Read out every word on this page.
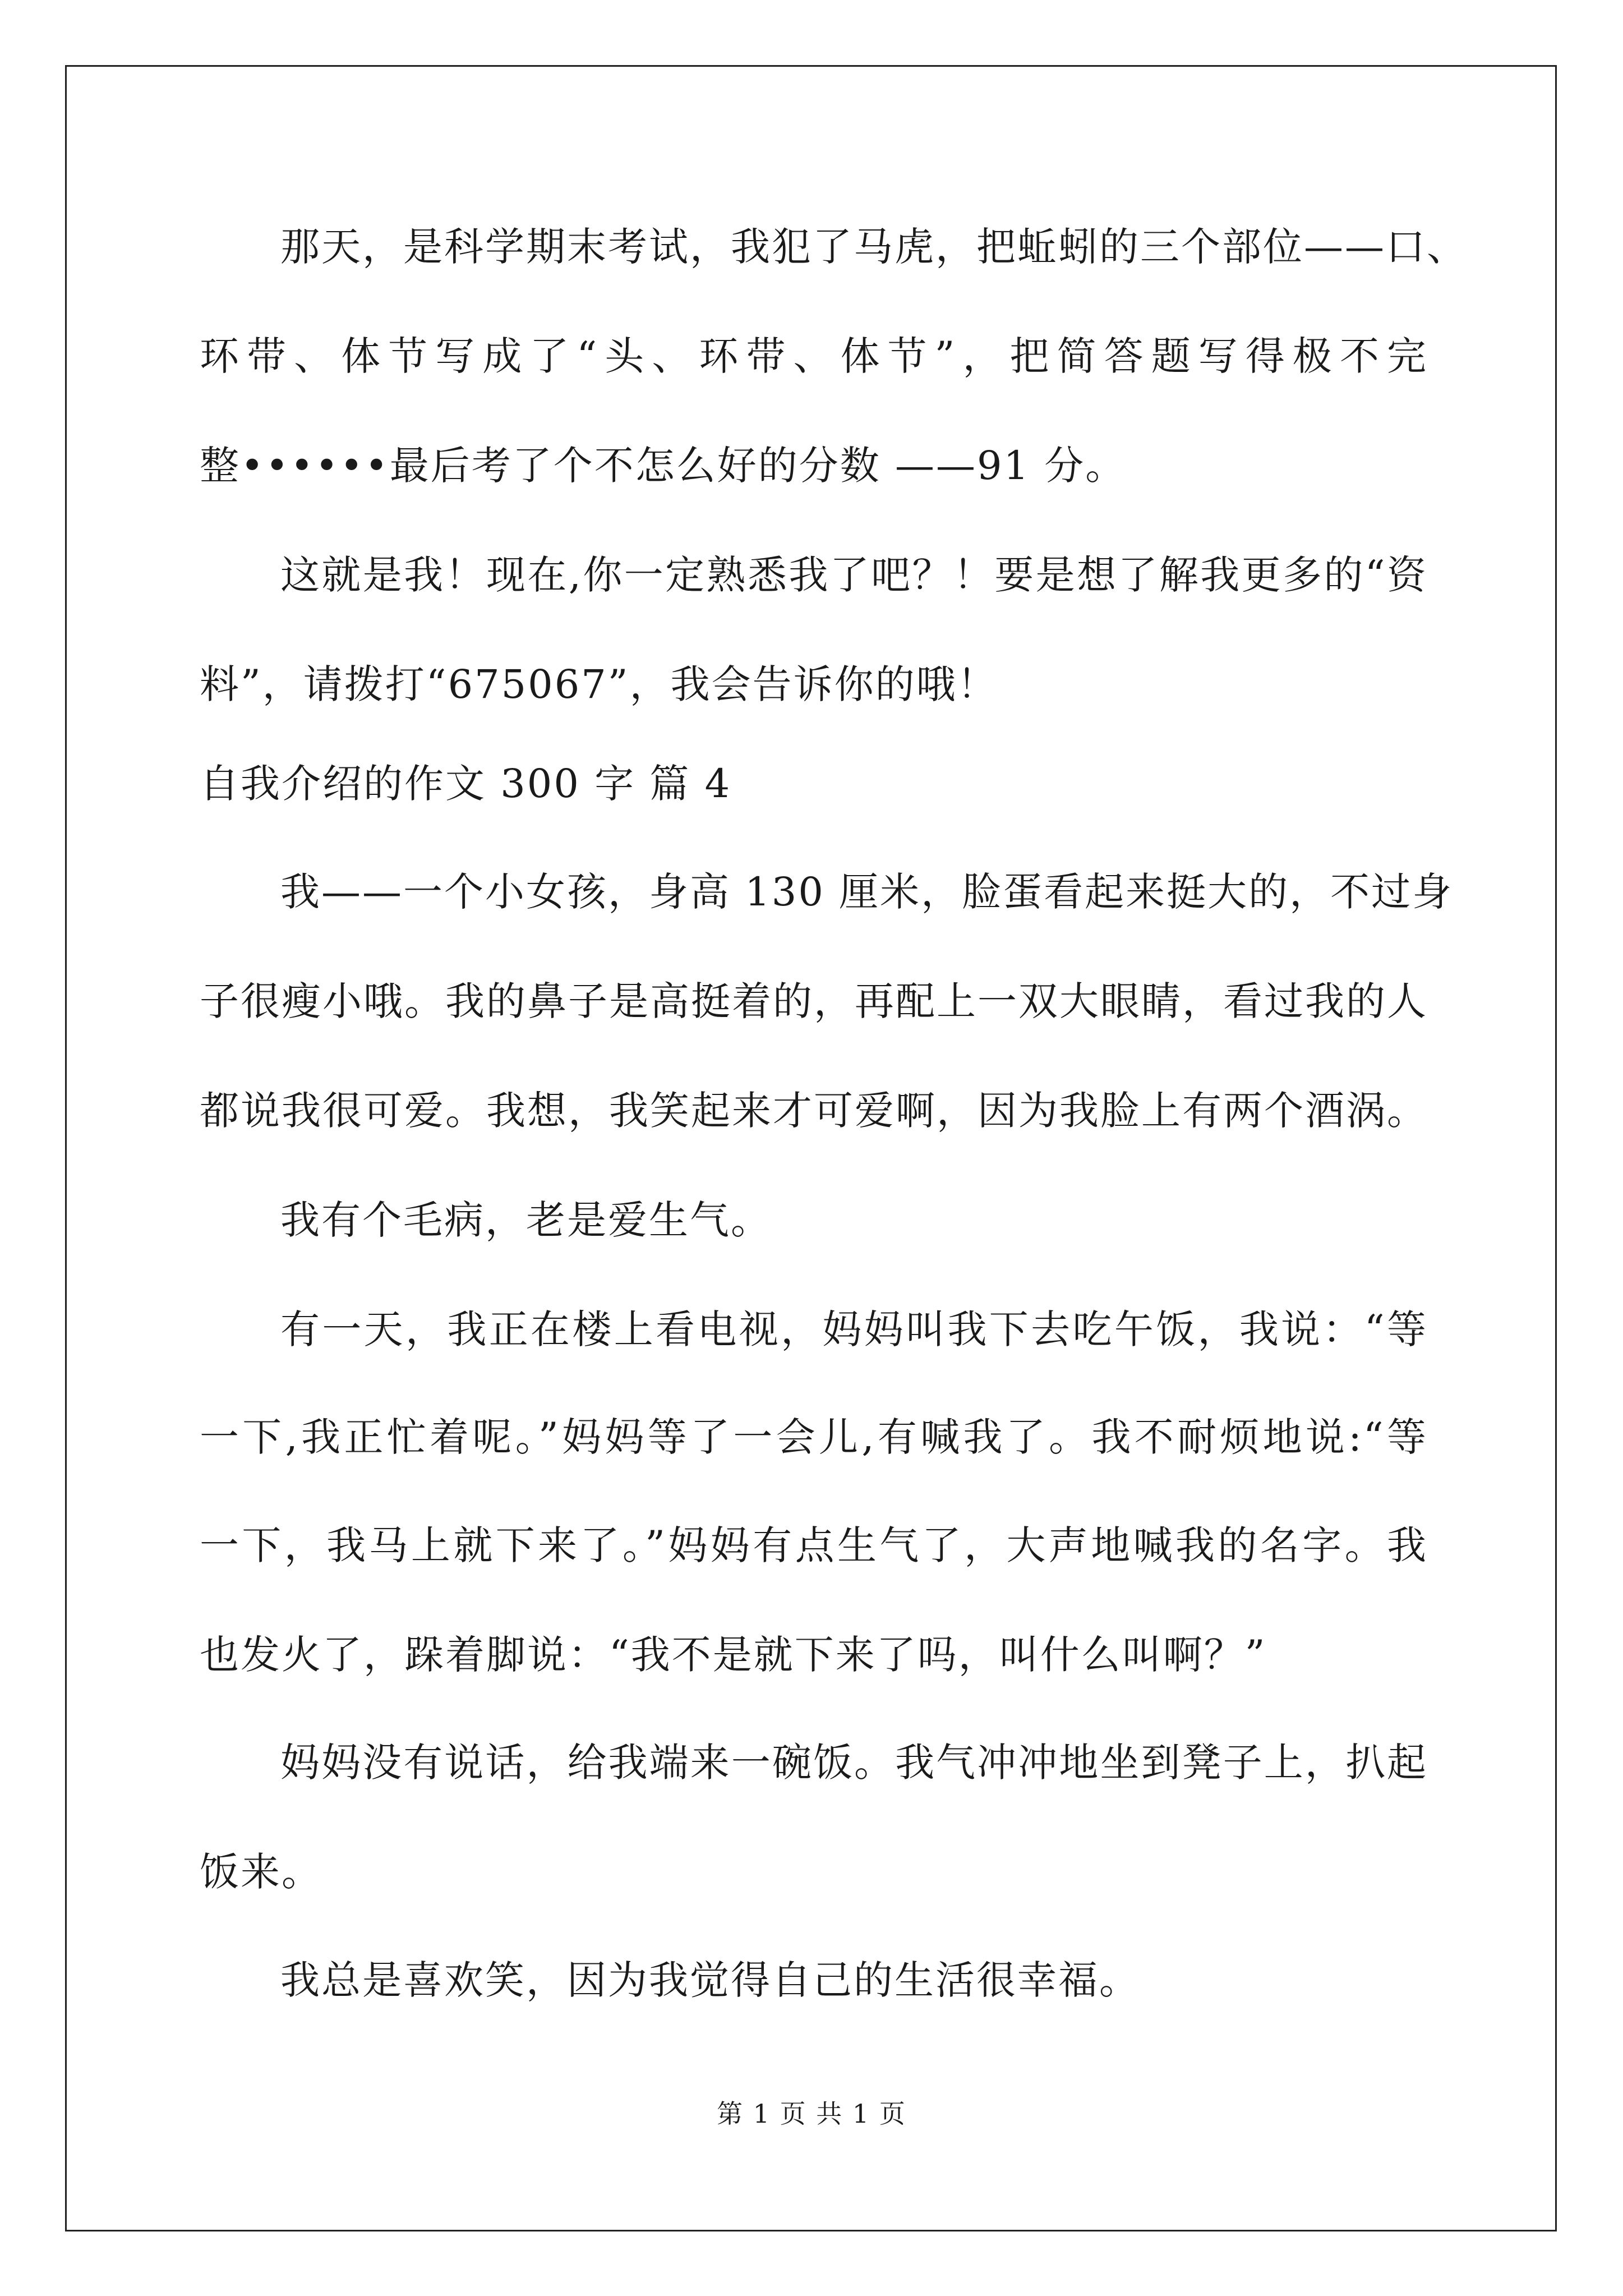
那天，是科学期末考试，我犯了马虎，把蚯蚓的三个部位——口、
环带、体节写成了“头、环带、体节”，把简答题写得极不完
整••••••最后考了个不怎么好的分数 ——91 分。
这就是我！现在,你一定熟悉我了吧？！要是想了解我更多的“资
料”，请拨打“675067”，我会告诉你的哦！
自我介绍的作文 300 字 篇 4
我——一个小女孩，身高 130 厘米，脸蛋看起来挺大的，不过身
子很瘦小哦。我的鼻子是高挺着的，再配上一双大眼睛，看过我的人
都说我很可爱。我想，我笑起来才可爱啊，因为我脸上有两个酒涡。
我有个毛病，老是爱生气。
有一天，我正在楼上看电视，妈妈叫我下去吃午饭，我说：“等
一下,我正忙着呢。”妈妈等了一会儿,有喊我了。我不耐烦地说:“等
一下，我马上就下来了。”妈妈有点生气了，大声地喊我的名字。我
也发火了，跺着脚说：“我不是就下来了吗，叫什么叫啊？”
妈妈没有说话，给我端来一碗饭。我气冲冲地坐到凳子上，扒起
饭来。
我总是喜欢笑，因为我觉得自己的生活很幸福。
第 1 页 共 1 页
